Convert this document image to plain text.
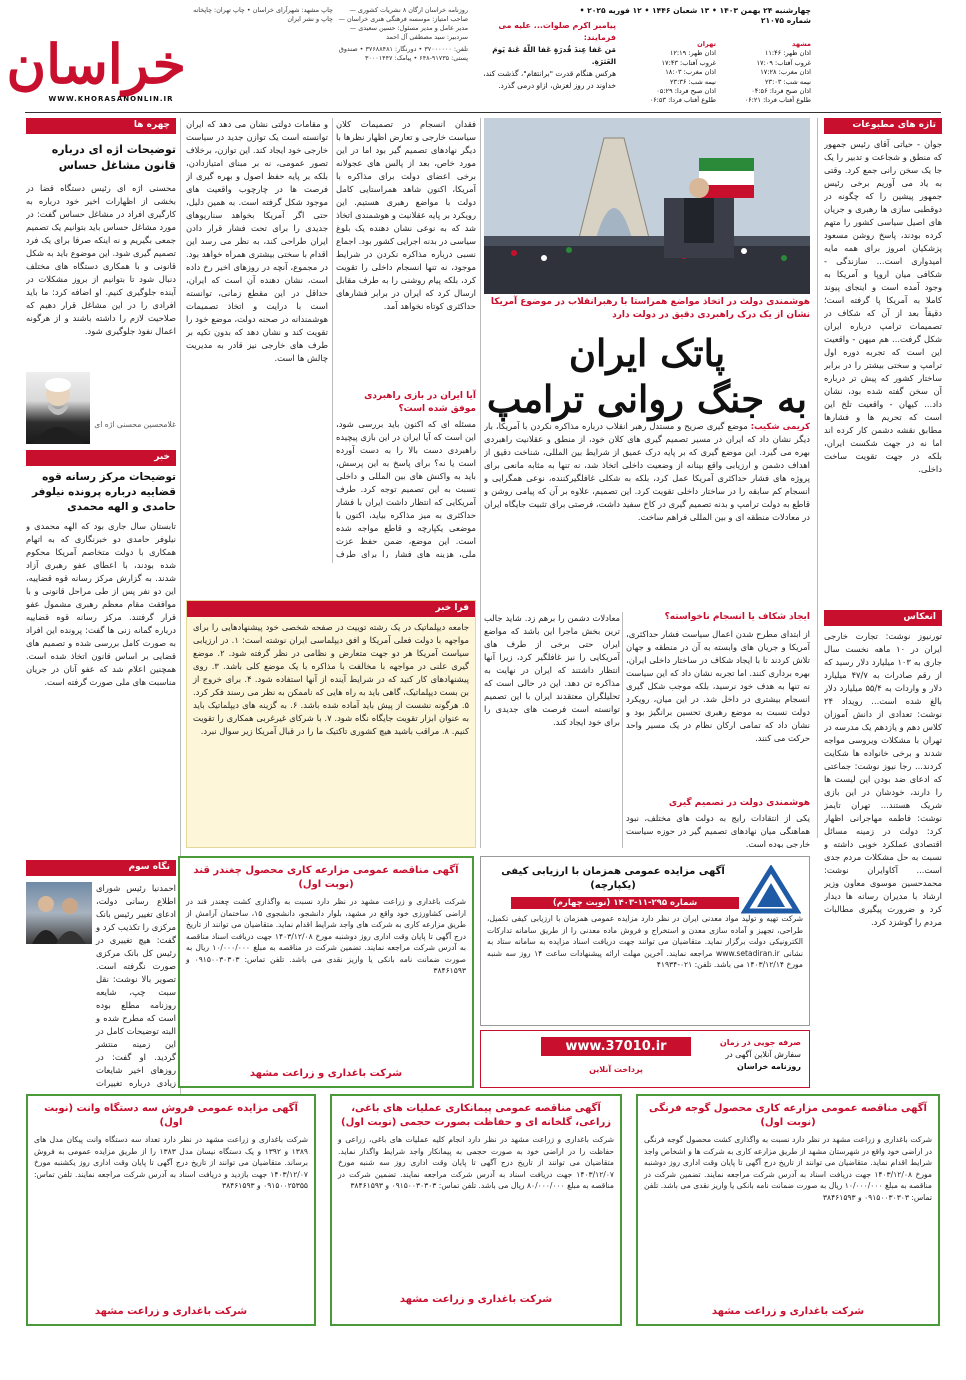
خراسان
WWW.KHORASANONLIN.IR
چهارشنبه ۲۴ بهمن ۱۴۰۳ • ۱۳ شعبان ۱۴۴۶ • ۱۲ فوریه ۲۰۲۵ • شماره ۲۱۰۷۵
مشهد
اذان ظهر: ۱۱:۴۶
غروب آفتاب: ۱۷:۰۹
اذان مغرب: ۱۷:۲۸
نیمه شب: ۲۳:۰۳
اذان صبح فردا: ۰۴:۵۶
طلوع آفتاب فردا: ۰۶:۲۱
تهران
اذان ظهر: ۱۲:۱۹
غروب آفتاب: ۱۷:۴۳
اذان مغرب: ۱۸:۰۳
نیمه شب: ۲۳:۳۶
اذان صبح فردا: ۰۵:۲۹
طلوع آفتاب فردا: ۰۶:۵۳
پیامبر اکرم صلوات... علیه می فرمایند:
مَن عَفا عِندَ قُدرَةٍ عَفا اللّهُ عَنهُ يَومَ العَثرَةِ.
هرکس هنگام قدرت "برانتقام"، گذشت کند، خداوند در روز لغزش، ازاو درمی گذرد.
روزنامه خراسان ارگان ۸ نشریات کشوری — صاحب امتیاز: موسسه فرهنگی هنری خراسان — مدیر عامل و مدیر مسئول: حسین سعیدی — سردبیر: سید مصطفی آل احمد
تلفن: ۳۷۰۰۰۰۰۰ • دورنگار: ۳۷۶۸۸۴۸۱ • صندوق پستی: ۹۱۷۳۵-۶۴۸ • پیامک: ۳۰۰۰۱۴۴۷
چاپ مشهد: شهرآرای خراسان • چاپ تهران: چاپخانه چاپ و نشر ایران
تازه های مطبوعات
جوان - حیاتی آقای رئیس جمهور که منطق و شجاعت و تدبیر را یک جا یک سخن رانی جمع کرد. وقتی به یاد می آوریم برخی رئیس جمهور پیشین را که چگونه در دوقطبی سازی ها رهبری و جریان های اصیل سیاسی کشور را متهم کرده بودند، پاسخ روشن مسعود پزشکیان امروز برای همه مایه امیدواری است... سازندگی - شکافی میان اروپا و آمریکا به وجود آمده است و اینجای پیوند کاملا به آمریکا پا گرفته است؛ دقیقاً بعد از آن که شکاف در تصمیمات ترامپ درباره ایران شکل گرفت... هم میهن - واقعیت این است که تجربه دوره اول ترامپ و سختی بیشتر را در برابر ساختار کشور که پیش تر درباره آن سخن گفته شده بود، نشان داد... کیهان - واقعیت تلخ این است که تحریم ها و فشارها مطابق نقشه دشمن کار کرده اند اما نه در جهت شکست ایران، بلکه در جهت تقویت ساخت داخلی.
انعکاس
تورنیوز نوشت: تجارت خارجی ایران در ۱۰ ماهه نخست سال جاری به ۱۰۳ میلیارد دلار رسید که از رقم صادرات به ۴۷/۷ میلیارد دلار و واردات به ۵۵/۴ میلیارد دلار بالغ شده است... رویداد ۲۴ نوشت: تعدادی از دانش آموزان کلاس دهم و یازدهم یک مدرسه در تهران با مشکلات ویروسی مواجه شدند و برخی خانواده ها شکایت کردند... رجا نیوز نوشت: جماعتی که ادعای ضد بودن این لیست ها را دارند، خودشان در این بازی شریک هستند... تهران تایمز نوشت: فاطمه مهاجرانی اظهار کرد: دولت در زمینه مسائل اقتصادی عملکرد خوبی داشته و نسبت به حل مشکلات مردم جدی است... آکاوایران نوشت: محمدحسین موسوی معاون وزیر ارشاد با مدیران رسانه ها دیدار کرد و ضرورت پیگیری مطالبات مردم را گوشزد کرد.
هوشمندی دولت در اتخاذ مواضع همراستا با رهبرانقلاب در موضوع آمریکا نشان از یک درک راهبردی دقیق در دولت دارد
پاتک ایران
به جنگ روانی ترامپ
کریمی شکیب: موضع گیری صریح و مستدل رهبر انقلاب درباره مذاکره نکردن با آمریکا، بار دیگر نشان داد که ایران در مسیر تصمیم گیری های کلان خود، از منطق و عقلانیت راهبردی بهره می گیرد. این موضع گیری که بر پایه درک عمیق از شرایط بین المللی، شناخت دقیق از اهداف دشمن و ارزیابی واقع بینانه از وضعیت داخلی اتخاذ شد، نه تنها به مثابه مانعی برای پروژه های فشار حداکثری آمریکا عمل کرد، بلکه به شکلی غافلگیرکننده، نوعی همگرایی و انسجام کم سابقه را در ساختار داخلی تقویت کرد. این تصمیم، علاوه بر آن که پیامی روشن و قاطع به دولت ترامپ و بدنه تصمیم گیری در کاخ سفید داشت، فرصتی برای تثبیت جایگاه ایران در معادلات منطقه ای و بین المللی فراهم ساخت.
فقدان انسجام در تصمیمات کلان سیاست خارجی و تعارض اظهار نظرها با دیگر نهادهای تصمیم گیر بود اما در این مورد خاص، بعد از پالس های عجولانه برخی اعضای دولت برای مذاکره با آمریکا، اکنون شاهد همراستایی کامل دولت با مواضع رهبری هستیم. این رویکرد بر پایه عقلانیت و هوشمندی اتخاذ شد که به نوعی نشان دهنده یک بلوغ سیاسی در بدنه اجرایی کشور بود. اجماع نسبی درباره مذاکره نکردن در شرایط موجود، نه تنها انسجام داخلی را تقویت کرد، بلکه پیام روشنی را به طرف مقابل ارسال کرد که ایران در برابر فشارهای حداکثری کوتاه نخواهد آمد.
آیا ایران در بازی راهبردی موفق شده است؟
مسئله ای که اکنون باید بررسی شود، این است که آیا ایران در این بازی پیچیده راهبردی دست بالا را به دست آورده است یا نه؟ برای پاسخ به این پرسش، باید به واکنش های بین المللی و داخلی نسبت به این تصمیم توجه کرد. طرف آمریکایی که انتظار داشت ایران با فشار حداکثری به میز مذاکره بیاید، اکنون با موضعی یکپارچه و قاطع مواجه شده است. این موضع، ضمن حفظ عزت ملی، هزینه های فشار را برای طرف
و مقامات دولتی نشان می دهد که ایران توانسته است یک توازن جدید در سیاست خارجی خود ایجاد کند. این توازن، برخلاف تصور عمومی، نه بر مبنای امتیازدادن، بلکه بر پایه حفظ اصول و بهره گیری از فرصت ها در چارچوب واقعیت های موجود شکل گرفته است. به همین دلیل، حتی اگر آمریکا بخواهد سناریوهای جدیدی را برای تحت فشار قرار دادن ایران طراحی کند، به نظر می رسد این اقدام با سختی بیشتری همراه خواهد بود. در مجموع، آنچه در روزهای اخیر رخ داده است، نشان دهنده آن است که ایران، حداقل در این مقطع زمانی، توانسته است با درایت و اتخاذ تصمیمات هوشمندانه در صحنه دولت، موضع خود را تقویت کند و نشان دهد که بدون تکیه بر طرف های خارجی نیز قادر به مدیریت چالش ها است.
ایجاد شکاف یا انسجام ناخواسته؟
از ابتدای مطرح شدن اعمال سیاست فشار حداکثری، آمریکا و جریان های وابسته به آن در منطقه و جهان تلاش کردند تا با ایجاد شکاف در ساختار داخلی ایران، بهره برداری کنند. اما تجربه نشان داد که این سیاست نه تنها به هدف خود نرسید، بلکه موجب شکل گیری انسجام بیشتری در داخل شد. در این میان، رویکرد دولت نسبت به موضع رهبری تحسین برانگیز بود و نشان داد که تمامی ارکان نظام در یک مسیر واحد حرکت می کنند.
هوشمندی دولت در تصمیم گیری
یکی از انتقادات رایج به دولت های مختلف، نبود هماهنگی میان نهادهای تصمیم گیر در حوزه سیاست خارجی بوده است.
معادلات دشمن را برهم زد. شاید جالب ترین بخش ماجرا این باشد که مواضع ایران حتی برخی از طرف های آمریکایی را نیز غافلگیر کرد، زیرا آنها انتظار داشتند که ایران در نهایت به مذاکره تن دهد. این در حالی است که تحلیلگران معتقدند ایران با این تصمیم توانسته است فرصت های جدیدی را برای خود ایجاد کند.
فرا خبر
جامعه دیپلماتیک در یک رشته توییت در صفحه شخصی خود پیشنهادهایی را برای مواجهه با دولت فعلی آمریکا و افق دیپلماسی ایران نوشته است: ۱. در ارزیابی سیاست آمریکا هر دو جهت متعارض و نظامی در نظر گرفته شود. ۲. موضع گیری علنی در مواجهه با مخالفت با مذاکره با یک موضع کلی باشد. ۳. روی پیشنهادهای کار کنید که در شرایط آینده از آنها استفاده شود. ۴. برای خروج از بن بست دیپلماتیک، گاهی باید به راه هایی که ناممکن به نظر می رسند فکر کرد. ۵. هرگونه نشست از پیش باید آماده شده باشد. ۶. به گزینه های دیپلماتیک باید به عنوان ابزار تقویت جایگاه نگاه شود. ۷. با شرکای غیرغربی همکاری را تقویت کنیم. ۸. مراقب باشید هیچ کشوری تاکتیک ما را در قبال آمریکا زیر سوال نبرد.
چهره ها
توضیحات اژه ای درباره قانون مشاغل حساس
محسنی اژه ای رئیس دستگاه قضا در بخشی از اظهارات اخیر خود درباره به کارگیری افراد در مشاغل حساس گفت: در مورد مشاغل حساس باید بتوانیم یک تصمیم جمعی بگیریم و نه اینکه صرفا برای یک فرد تصمیم گیری شود. این موضوع باید به شکل قانونی و با همکاری دستگاه های مختلف دنبال شود تا بتوانیم از بروز مشکلات در آینده جلوگیری کنیم. او اضافه کرد: ما باید افرادی را در این مشاغل قرار دهیم که صلاحیت لازم را داشته باشند و از هرگونه اعمال نفوذ جلوگیری شود.
غلامحسین محسنی اژه ای
خبر
توضیحات مرکز رسانه قوه قضاییه درباره پرونده نیلوفر حامدی و الهه محمدی
تابستان سال جاری بود که الهه محمدی و نیلوفر حامدی دو خبرنگاری که به اتهام همکاری با دولت متخاصم آمریکا محکوم شده بودند، با اعطای عفو رهبری آزاد شدند. به گزارش مرکز رسانه قوه قضاییه، این دو نفر پس از طی مراحل قانونی و با موافقت مقام معظم رهبری مشمول عفو قرار گرفتند. مرکز رسانه قوه قضاییه درباره گمانه زنی ها گفت: پرونده این افراد به صورت کامل بررسی شده و تصمیم های قضایی بر اساس قانون اتخاذ شده است. همچنین اعلام شد که عفو آنان در جریان مناسبت های ملی صورت گرفته است.
نگاه سوم
احمدنیا رئیس شورای اطلاع رسانی دولت، ادعای تغییر رئیس بانک مرکزی را تکذیب کرد و گفت: هیچ تغییری در رئیس کل بانک مرکزی صورت نگرفته است. تصویر بالا نوشت: نقل سبت چپ، شایعه روزنامه مطلع بوده است که مطرح شده و البته توضیحات کامل در این زمینه منتشر گردید. او گفت: در روزهای اخیر شایعات زیادی درباره تغییرات
آگهی مناقصه عمومی مزارعه کاری محصول چغندر قند (نوبت اول)
شرکت باغداری و زراعت مشهد در نظر دارد نسبت به واگذاری کشت چغندر قند در اراضی کشاورزی خود واقع در مشهد، بلوار دانشجو، دانشجوی ۱۵، ساختمان آرامش از طریق مزارعه کاری به شرکت های واجد شرایط اقدام نماید. متقاضیان می توانند از تاریخ درج آگهی تا پایان وقت اداری روز دوشنبه مورخ ۱۴۰۳/۱۲/۰۸ جهت دریافت اسناد مناقصه به آدرس شرکت مراجعه نمایند. تضمین شرکت در مناقصه به مبلغ ۱۰/۰۰۰/۰۰۰ ریال به صورت ضمانت نامه بانکی یا واریز نقدی می باشد. تلفن تماس: ۰۹۱۵۰۰۳۰۳۰۳ و ۳۸۴۶۱۵۹۳
شرکت باغداری و زراعت مشهد
آگهی مزایده عمومی همزمان با ارزیابی کیفی (یکپارچه)
شماره ۲۹۵-۱۱-۱۴۰۳ (نوبت چهارم)
شرکت تهیه و تولید مواد معدنی ایران در نظر دارد مزایده عمومی همزمان با ارزیابی کیفی تکمیل، طراحی، تجهیز و آماده سازی معدن و استخراج و فروش ماده معدنی را از طریق سامانه تدارکات الکترونیکی دولت برگزار نماید. متقاضیان می توانند جهت دریافت اسناد مزایده به سامانه ستاد به نشانی www.setadiran.ir مراجعه نمایند. آخرین مهلت ارائه پیشنهادات ساعت ۱۴ روز سه شنبه مورخ ۱۴۰۳/۱۲/۱۴ می باشد. تلفن: ۰۲۱-۴۱۹۳۴
صرفه جویی در زمان
سفارش آنلاین آگهی در
روزنامه خراسان
www.37010.ir
پرداخت آنلاین
آگهی مزایده عمومی فروش سه دستگاه وانت (نوبت اول)
شرکت باغداری و زراعت مشهد در نظر دارد تعداد سه دستگاه وانت پیکان مدل های ۱۳۸۹ و ۱۳۹۲ و یک دستگاه نیسان مدل ۱۳۸۳ را از طریق مزایده عمومی به فروش برساند. متقاضیان می توانند از تاریخ درج آگهی تا پایان وقت اداری روز یکشنبه مورخ ۱۴۰۳/۱۲/۰۷ جهت بازدید و دریافت اسناد به آدرس شرکت مراجعه نمایند. تلفن تماس: ۰۹۱۵۰۰۲۵۳۵۵ و ۳۸۴۶۱۵۹۳
شرکت باغداری و زراعت مشهد
آگهی مناقصه عمومی پیمانکاری عملیات های باغی، زراعی، گلخانه ای و حفاظت بصورت حجمی (نوبت اول)
شرکت باغداری و زراعت مشهد در نظر دارد انجام کلیه عملیات های باغی، زراعی و حفاظت را در اراضی خود به صورت حجمی به پیمانکار واجد شرایط واگذار نماید. متقاضیان می توانند از تاریخ درج آگهی تا پایان وقت اداری روز سه شنبه مورخ ۱۴۰۳/۱۲/۰۷ جهت دریافت اسناد به آدرس شرکت مراجعه نمایند. تضمین شرکت در مناقصه به مبلغ ۸۰/۰۰۰/۰۰۰ ریال می باشد. تلفن تماس: ۰۹۱۵۰۰۳۰۳۰۳ و ۳۸۴۶۱۵۹۳
شرکت باغداری و زراعت مشهد
آگهی مناقصه عمومی مزارعه کاری محصول گوجه فرنگی (نوبت اول)
شرکت باغداری و زراعت مشهد در نظر دارد نسبت به واگذاری کشت محصول گوجه فرنگی در اراضی خود واقع در شهرستان مشهد از طریق مزارعه کاری به شرکت ها و اشخاص واجد شرایط اقدام نماید. متقاضیان می توانند از تاریخ درج آگهی تا پایان وقت اداری روز دوشنبه مورخ ۱۴۰۳/۱۲/۰۸ جهت دریافت اسناد به آدرس شرکت مراجعه نمایند. تضمین شرکت در مناقصه به مبلغ ۱۰/۰۰۰/۰۰۰ ریال به صورت ضمانت نامه بانکی یا واریز نقدی می باشد. تلفن تماس: ۰۹۱۵۰۰۳۰۳۰۳ و ۳۸۴۶۱۵۹۳
شرکت باغداری و زراعت مشهد
